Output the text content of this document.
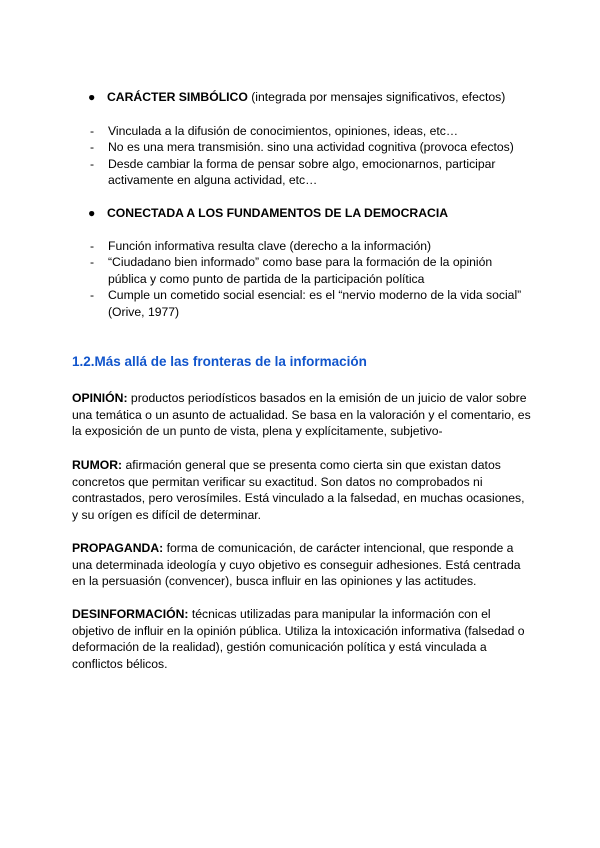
● CARÁCTER SIMBÓLICO (integrada por mensajes significativos, efectos)
- Vinculada a la difusión de conocimientos, opiniones, ideas, etc…
- No es una mera transmisión. sino una actividad cognitiva (provoca efectos)
- Desde cambiar la forma de pensar sobre algo, emocionarnos, participar activamente en alguna actividad, etc…
● CONECTADA A LOS FUNDAMENTOS DE LA DEMOCRACIA
- Función informativa resulta clave (derecho a la información)
- “Ciudadano bien informado” como base para la formación de la opinión pública y como punto de partida de la participación política
- Cumple un cometido social esencial: es el “nervio moderno de la vida social” (Orive, 1977)
1.2.Más allá de las fronteras de la información
OPINIÓN: productos periodísticos basados en la emisión de un juicio de valor sobre una temática o un asunto de actualidad. Se basa en la valoración y el comentario, es la exposición de un punto de vista, plena y explícitamente, subjetivo-
RUMOR: afirmación general que se presenta como cierta sin que existan datos concretos que permitan verificar su exactitud. Son datos no comprobados ni contrastados, pero verosímiles. Está vinculado a la falsedad, en muchas ocasiones, y su orígen es difícil de determinar.
PROPAGANDA: forma de comunicación, de carácter intencional, que responde a una determinada ideología y cuyo objetivo es conseguir adhesiones. Está centrada en la persuasión (convencer), busca influir en las opiniones y las actitudes.
DESINFORMACIÓN: técnicas utilizadas para manipular la información con el objetivo de influir en la opinión pública. Utiliza la intoxicación informativa (falsedad o deformación de la realidad), gestión comunicación política y está vinculada a conflictos bélicos.
